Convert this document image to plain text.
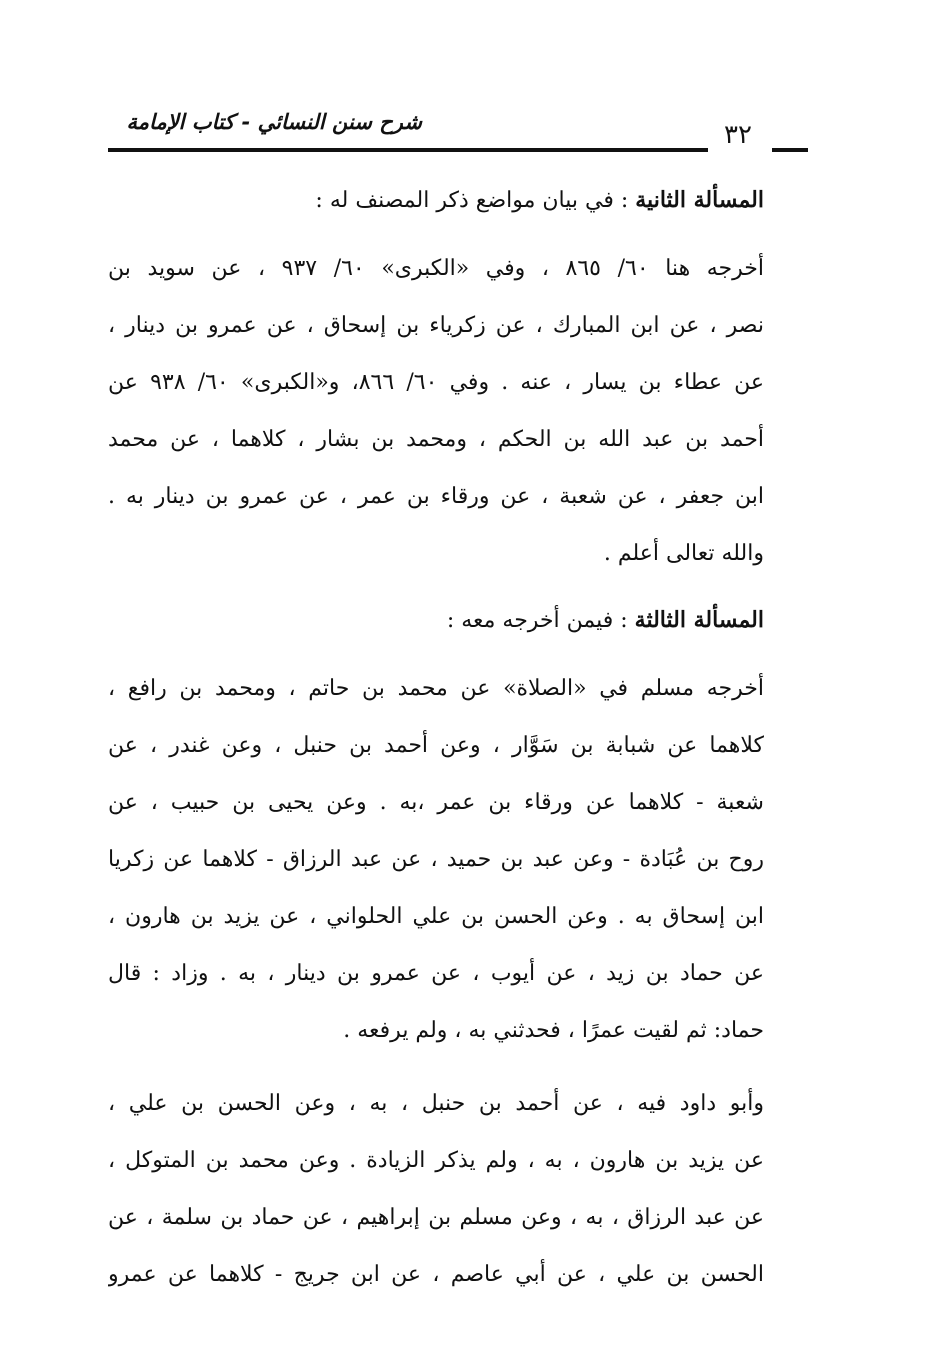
شرح سنن النسائي - كتاب الإمامة	٣٢
المسألة الثانية : في بيان مواضع ذكر المصنف له :
أخرجه هنا ٦٠/ ٨٦٥ ، وفي «الكبرى» ٦٠/ ٩٣٧ ، عن سويد بن
نصر ، عن ابن المبارك ، عن زكرياء بن إسحاق ، عن عمرو بن دينار ،
عن عطاء بن يسار ، عنه . وفي ٦٠/ ٨٦٦، و«الكبرى» ٦٠/ ٩٣٨ عن
أحمد بن عبد الله بن الحكم ، ومحمد بن بشار ، كلاهما ، عن محمد
ابن جعفر ، عن شعبة ، عن ورقاء بن عمر ، عن عمرو بن دينار به .
والله تعالى أعلم .
المسألة الثالثة : فيمن أخرجه معه :
أخرجه مسلم في «الصلاة» عن محمد بن حاتم ، ومحمد بن رافع ،
كلاهما عن شبابة بن سَوَّار ، وعن أحمد بن حنبل ، وعن غندر ، عن
شعبة - كلاهما عن ورقاء بن عمر ،به . وعن يحيى بن حبيب ، عن
روح بن عُبَادة - وعن عبد بن حميد ، عن عبد الرزاق - كلاهما عن زكريا
ابن إسحاق به . وعن الحسن بن علي الحلواني ، عن يزيد بن هارون ،
عن حماد بن زيد ، عن أيوب ، عن عمرو بن دينار ، به . وزاد : قال
حماد: ثم لقيت عمرًا ، فحدثني به ، ولم يرفعه .
وأبو داود فيه ، عن أحمد بن حنبل ، به ، وعن الحسن بن علي ،
عن يزيد بن هارون ، به ، ولم يذكر الزيادة . وعن محمد بن المتوكل ،
عن عبد الرزاق ، به ، وعن مسلم بن إبراهيم ، عن حماد بن سلمة ، عن
الحسن بن علي ، عن أبي عاصم ، عن ابن جريج - كلاهما عن عمرو
